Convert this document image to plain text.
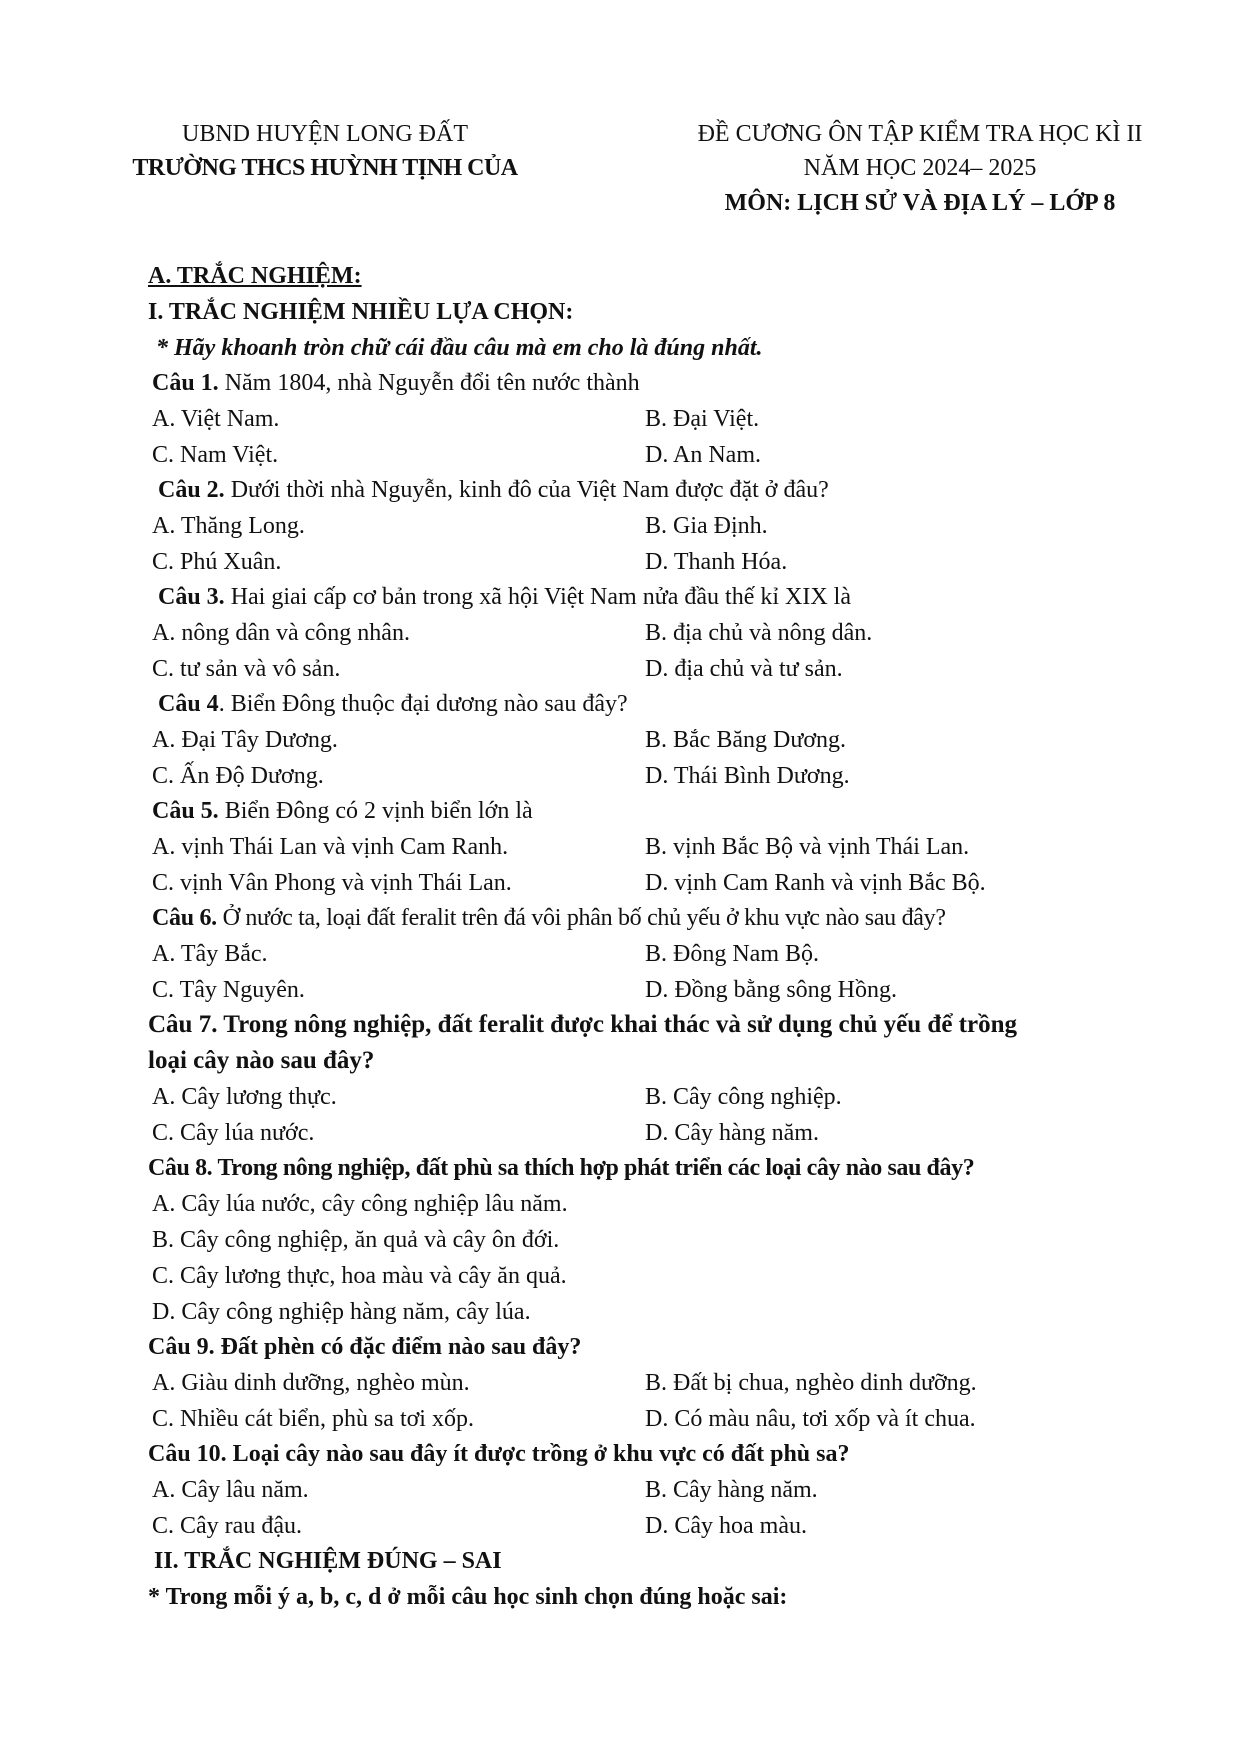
UBND HUYỆN LONG ĐẤT
TRƯỜNG THCS HUỲNH TỊNH CỦA
ĐỀ CƯƠNG ÔN TẬP KIỂM TRA HỌC KÌ II
NĂM HỌC 2024– 2025
MÔN: LỊCH SỬ VÀ ĐỊA LÝ – LỚP 8
A. TRẮC NGHIỆM:
I. TRẮC NGHIỆM NHIỀU LỰA CHỌN:
* Hãy khoanh tròn chữ cái đầu câu mà em cho là đúng nhất.
Câu 1. Năm 1804, nhà Nguyễn đổi tên nước thành
A. Việt Nam.	B. Đại Việt.
C. Nam Việt.	D. An Nam.
Câu 2. Dưới thời nhà Nguyễn, kinh đô của Việt Nam được đặt ở đâu?
A. Thăng Long.	B. Gia Định.
C. Phú Xuân.	D. Thanh Hóa.
Câu 3. Hai giai cấp cơ bản trong xã hội Việt Nam nửa đầu thế kỉ XIX là
A. nông dân và công nhân.	B. địa chủ và nông dân.
C. tư sản và vô sản.	D. địa chủ và tư sản.
Câu 4. Biển Đông thuộc đại dương nào sau đây?
A. Đại Tây Dương.	B. Bắc Băng Dương.
C. Ấn Độ Dương.	D. Thái Bình Dương.
Câu 5. Biển Đông có 2 vịnh biển lớn là
A. vịnh Thái Lan và vịnh Cam Ranh.	B. vịnh Bắc Bộ và vịnh Thái Lan.
C. vịnh Vân Phong và vịnh Thái Lan.	D. vịnh Cam Ranh và vịnh Bắc Bộ.
Câu 6. Ở nước ta, loại đất feralit trên đá vôi phân bố chủ yếu ở khu vực nào sau đây?
A. Tây Bắc.	B. Đông Nam Bộ.
C. Tây Nguyên.	D. Đồng bằng sông Hồng.
Câu 7. Trong nông nghiệp, đất feralit được khai thác và sử dụng chủ yếu để trồng
loại cây nào sau đây?
A. Cây lương thực.	B. Cây công nghiệp.
C. Cây lúa nước.	D. Cây hàng năm.
Câu 8. Trong nông nghiệp, đất phù sa thích hợp phát triển các loại cây nào sau đây?
A. Cây lúa nước, cây công nghiệp lâu năm.
B. Cây công nghiệp, ăn quả và cây ôn đới.
C. Cây lương thực, hoa màu và cây ăn quả.
D. Cây công nghiệp hàng năm, cây lúa.
Câu 9. Đất phèn có đặc điểm nào sau đây?
A. Giàu dinh dưỡng, nghèo mùn.	B. Đất bị chua, nghèo dinh dưỡng.
C. Nhiều cát biển, phù sa tơi xốp.	D. Có màu nâu, tơi xốp và ít chua.
Câu 10. Loại cây nào sau đây ít được trồng ở khu vực có đất phù sa?
A. Cây lâu năm.	B. Cây hàng năm.
C. Cây rau đậu.	D. Cây hoa màu.
II. TRẮC NGHIỆM ĐÚNG – SAI
* Trong mỗi ý a, b, c, d ở mỗi câu học sinh chọn đúng hoặc sai:
